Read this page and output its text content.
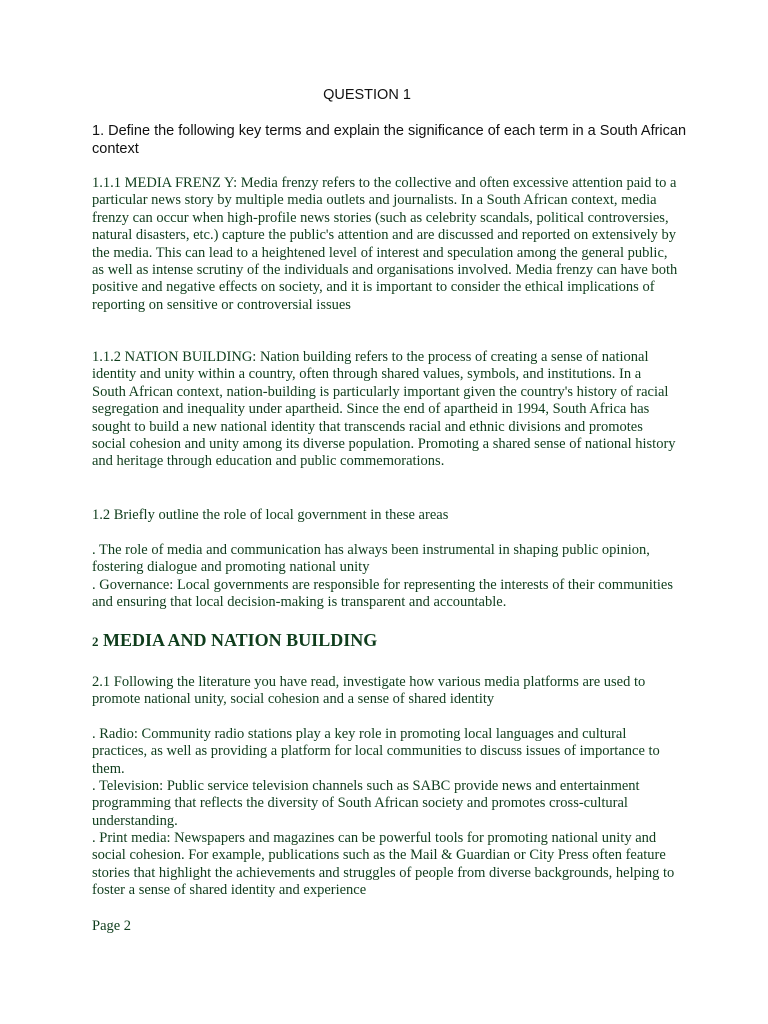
QUESTION 1

1. Define the following key terms and explain the significance of each term in a South African context

1.1.1 MEDIA FRENZ Y: Media frenzy refers to the collective and often excessive attention paid to a particular news story by multiple media outlets and journalists. In a South African context, media frenzy can occur when high-profile news stories (such as celebrity scandals, political controversies, natural disasters, etc.) capture the public's attention and are discussed and reported on extensively by the media. This can lead to a heightened level of interest and speculation among the general public, as well as intense scrutiny of the individuals and organisations involved. Media frenzy can have both positive and negative effects on society, and it is important to consider the ethical implications of reporting on sensitive or controversial issues

1.1.2 NATION BUILDING: Nation building refers to the process of creating a sense of national identity and unity within a country, often through shared values, symbols, and institutions. In a South African context, nation-building is particularly important given the country's history of racial segregation and inequality under apartheid. Since the end of apartheid in 1994, South Africa has sought to build a new national identity that transcends racial and ethnic divisions and promotes social cohesion and unity among its diverse population. Promoting a shared sense of national history and heritage through education and public commemorations.

1.2 Briefly outline the role of local government in these areas

. The role of media and communication has always been instrumental in shaping public opinion, fostering dialogue and promoting national unity

. Governance: Local governments are responsible for representing the interests of their communities and ensuring that local decision-making is transparent and accountable.

2 MEDIA AND NATION BUILDING

2.1 Following the literature you have read, investigate how various media platforms are used to promote national unity, social cohesion and a sense of shared identity

. Radio: Community radio stations play a key role in promoting local languages and cultural practices, as well as providing a platform for local communities to discuss issues of importance to them.

. Television: Public service television channels such as SABC provide news and entertainment programming that reflects the diversity of South African society and promotes cross-cultural understanding.

. Print media: Newspapers and magazines can be powerful tools for promoting national unity and social cohesion. For example, publications such as the Mail & Guardian or City Press often feature stories that highlight the achievements and struggles of people from diverse backgrounds, helping to foster a sense of shared identity and experience

Page 2
